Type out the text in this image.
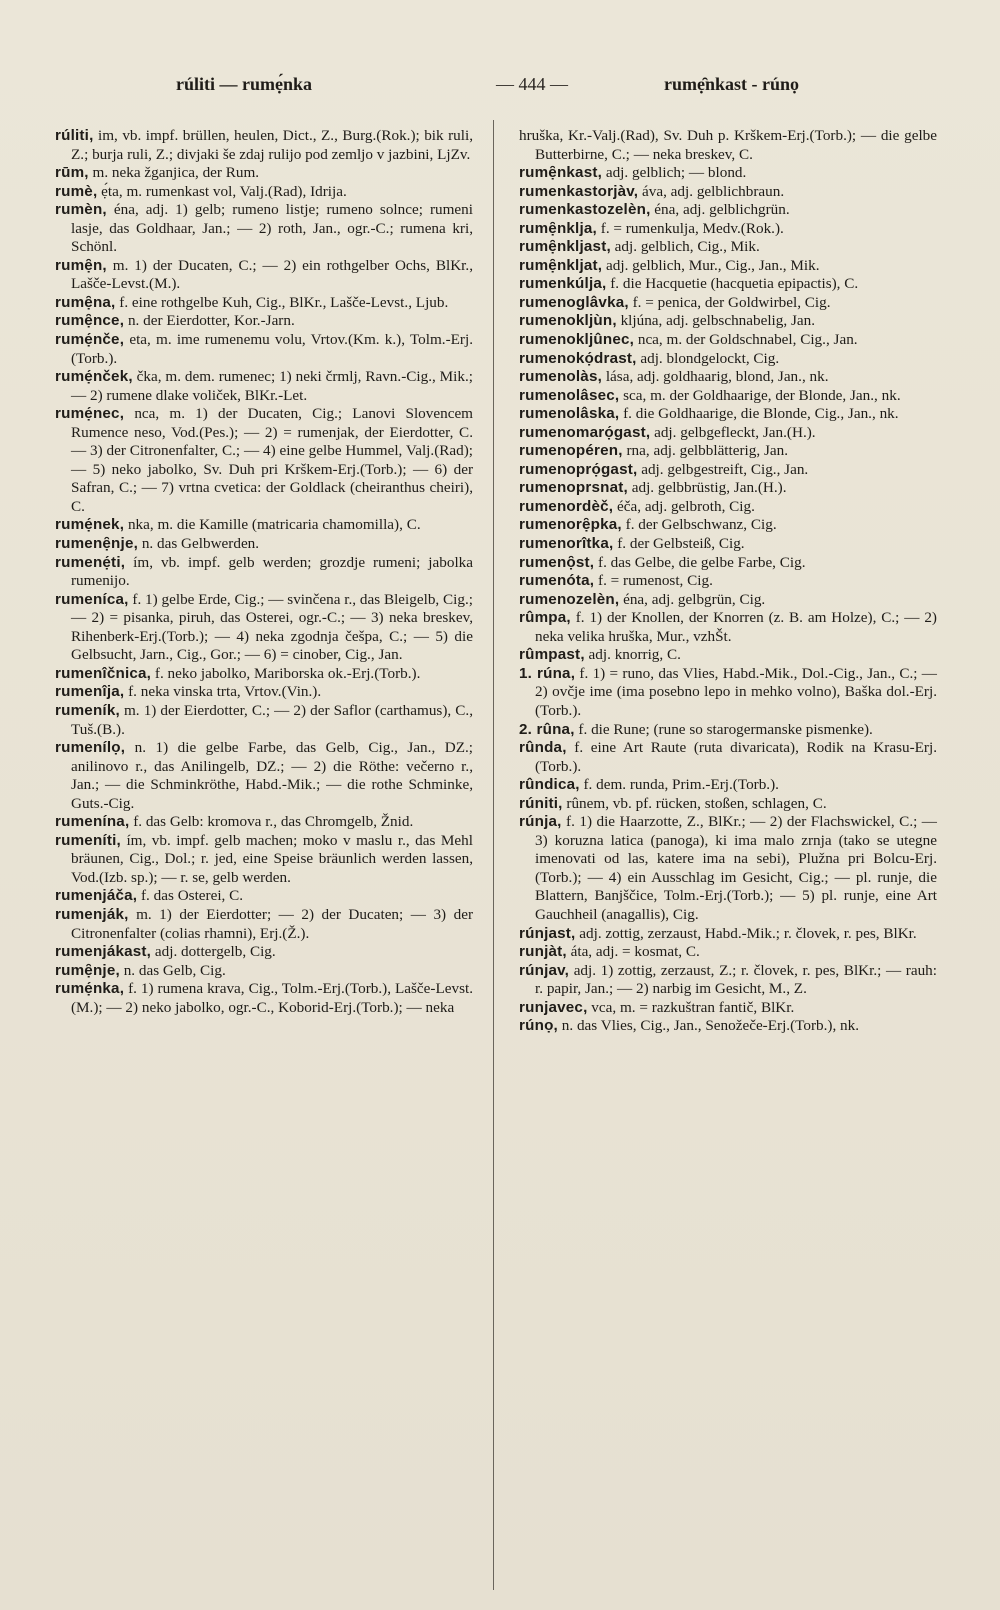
rúliti — rumẹ́nka	— 444 —	rumẹ̑nkast - rúnọ

rúliti, im, vb. impf. brüllen, heulen, Dict., Z., Burg.(Rok.); bik ruli, Z.; burja ruli, Z.; divjaki še zdaj rulijo pod zemljo v jazbini, LjZv.

rūm, m. neka žganjica, der Rum.

rumè, ẹ́ta, m. rumenkast vol, Valj.(Rad), Idrija.

rumèn, éna, adj. 1) gelb; rumeno listje; rumeno solnce; rumeni lasje, das Goldhaar, Jan.; — 2) roth, Jan., ogr.-C.; rumena kri, Schönl.

rumẹ̑n, m. 1) der Ducaten, C.; — 2) ein rothgelber Ochs, BlKr., Lašče-Levst.(M.).

rumẹ̑na, f. eine rothgelbe Kuh, Cig., BlKr., Lašče-Levst., Ljub.

rumẹ̑nce, n. der Eierdotter, Kor.-Jarn.

rumẹ́nče, eta, m. ime rumenemu volu, Vrtov.(Km. k.), Tolm.-Erj.(Torb.).

rumẹ́nček, čka, m. dem. rumenec; 1) neki črmlj, Ravn.-Cig., Mik.; — 2) rumene dlake voliček, BlKr.-Let.

rumẹ́nec, nca, m. 1) der Ducaten, Cig.; Lanovi Slovencem Rumence neso, Vod.(Pes.); — 2) = rumenjak, der Eierdotter, C. — 3) der Citronenfalter, C.; — 4) eine gelbe Hummel, Valj.(Rad); — 5) neko jabolko, Sv. Duh pri Krškem-Erj.(Torb.); — 6) der Safran, C.; — 7) vrtna cvetica: der Goldlack (cheiranthus cheiri), C.

rumẹ́nek, nka, m. die Kamille (matricaria chamomilla), C.

rumenẹ̑nje, n. das Gelbwerden.

rumenẹ́ti, ím, vb. impf. gelb werden; grozdje rumeni; jabolka rumenijo.

rumeníca, f. 1) gelbe Erde, Cig.; — svinčena r., das Bleigelb, Cig.; — 2) = pisanka, piruh, das Osterei, ogr.-C.; — 3) neka breskev, Rihenberk-Erj.(Torb.); — 4) neka zgodnja češpa, C.; — 5) die Gelbsucht, Jarn., Cig., Gor.; — 6) = cinober, Cig., Jan.

rumenîčnica, f. neko jabolko, Mariborska ok.-Erj.(Torb.).

rumenîja, f. neka vinska trta, Vrtov.(Vin.).

rumeník, m. 1) der Eierdotter, C.; — 2) der Saflor (carthamus), C., Tuš.(B.).

rumenílọ, n. 1) die gelbe Farbe, das Gelb, Cig., Jan., DZ.; anilinovo r., das Anilingelb, DZ.; — 2) die Röthe: večerno r., Jan.; — die Schminkröthe, Habd.-Mik.; — die rothe Schminke, Guts.-Cig.

rumenína, f. das Gelb: kromova r., das Chromgelb, Žnid.

rumeníti, ím, vb. impf. gelb machen; moko v maslu r., das Mehl bräunen, Cig., Dol.; r. jed, eine Speise bräunlich werden lassen, Vod.(Izb. sp.); — r. se, gelb werden.

rumenjáča, f. das Osterei, C.

rumenják, m. 1) der Eierdotter; — 2) der Ducaten; — 3) der Citronenfalter (colias rhamni), Erj.(Ž.).

rumenjákast, adj. dottergelb, Cig.

rumẹ̑nje, n. das Gelb, Cig.

rumẹ́nka, f. 1) rumena krava, Cig., Tolm.-Erj.(Torb.), Lašče-Levst.(M.); — 2) neko jabolko, ogr.-C., Koborid-Erj.(Torb.); — neka

hruška, Kr.-Valj.(Rad), Sv. Duh p. Krškem-Erj.(Torb.); — die gelbe Butterbirne, C.; — neka breskev, C.

rumẹ̑nkast, adj. gelblich; — blond.

rumenkastorjàv, áva, adj. gelblichbraun.

rumenkastozelèn, éna, adj. gelblichgrün.

rumẹ̑nklja, f. = rumenkulja, Medv.(Rok.).

rumẹ̑nkljast, adj. gelblich, Cig., Mik.

rumẹ̑nkljat, adj. gelblich, Mur., Cig., Jan., Mik.

rumenkúlja, f. die Hacquetie (hacquetia epipactis), C.

rumenoglâvka, f. = penica, der Goldwirbel, Cig.

rumenokljùn, kljúna, adj. gelbschnabelig, Jan.

rumenokljûnec, nca, m. der Goldschnabel, Cig., Jan.

rumenokọ́drast, adj. blondgelockt, Cig.

rumenolàs, lása, adj. goldhaarig, blond, Jan., nk.

rumenolâsec, sca, m. der Goldhaarige, der Blonde, Jan., nk.

rumenolâska, f. die Goldhaarige, die Blonde, Cig., Jan., nk.

rumenomarọ́gast, adj. gelbgefleckt, Jan.(H.).

rumenopéren, rna, adj. gelbblätterig, Jan.

rumenoprọ́gast, adj. gelbgestreift, Cig., Jan.

rumenoprsnat, adj. gelbbrüstig, Jan.(H.).

rumenordèč, éča, adj. gelbroth, Cig.

rumenorẹ̑pka, f. der Gelbschwanz, Cig.

rumenorîtka, f. der Gelbsteiß, Cig.

rumenọ̑st, f. das Gelbe, die gelbe Farbe, Cig.

rumenóta, f. = rumenost, Cig.

rumenozelèn, éna, adj. gelbgrün, Cig.

rûmpa, f. 1) der Knollen, der Knorren (z. B. am Holze), C.; — 2) neka velika hruška, Mur., vzhŠt.

rûmpast, adj. knorrig, C.

1. rúna, f. 1) = runo, das Vlies, Habd.-Mik., Dol.-Cig., Jan., C.; — 2) ovčje ime (ima posebno lepo in mehko volno), Baška dol.-Erj.(Torb.).

2. rûna, f. die Rune; (rune so starogermanske pismenke).

rûnda, f. eine Art Raute (ruta divaricata), Rodik na Krasu-Erj.(Torb.).

rûndica, f. dem. runda, Prim.-Erj.(Torb.).

rúniti, rûnem, vb. pf. rücken, stoßen, schlagen, C.

rúnja, f. 1) die Haarzotte, Z., BlKr.; — 2) der Flachswickel, C.; — 3) koruzna latica (panoga), ki ima malo zrnja (tako se utegne imenovati od las, katere ima na sebi), Plužna pri Bolcu-Erj.(Torb.); — 4) ein Ausschlag im Gesicht, Cig.; — pl. runje, die Blattern, Banjščice, Tolm.-Erj.(Torb.); — 5) pl. runje, eine Art Gauchheil (anagallis), Cig.

rúnjast, adj. zottig, zerzaust, Habd.-Mik.; r. človek, r. pes, BlKr.

runjàt, áta, adj. = kosmat, C.

rúnjav, adj. 1) zottig, zerzaust, Z.; r. človek, r. pes, BlKr.; — rauh: r. papir, Jan.; — 2) narbig im Gesicht, M., Z.

runjavec, vca, m. = razkuštran fantič, BlKr.

rúnọ, n. das Vlies, Cig., Jan., Senožeče-Erj.(Torb.), nk.
